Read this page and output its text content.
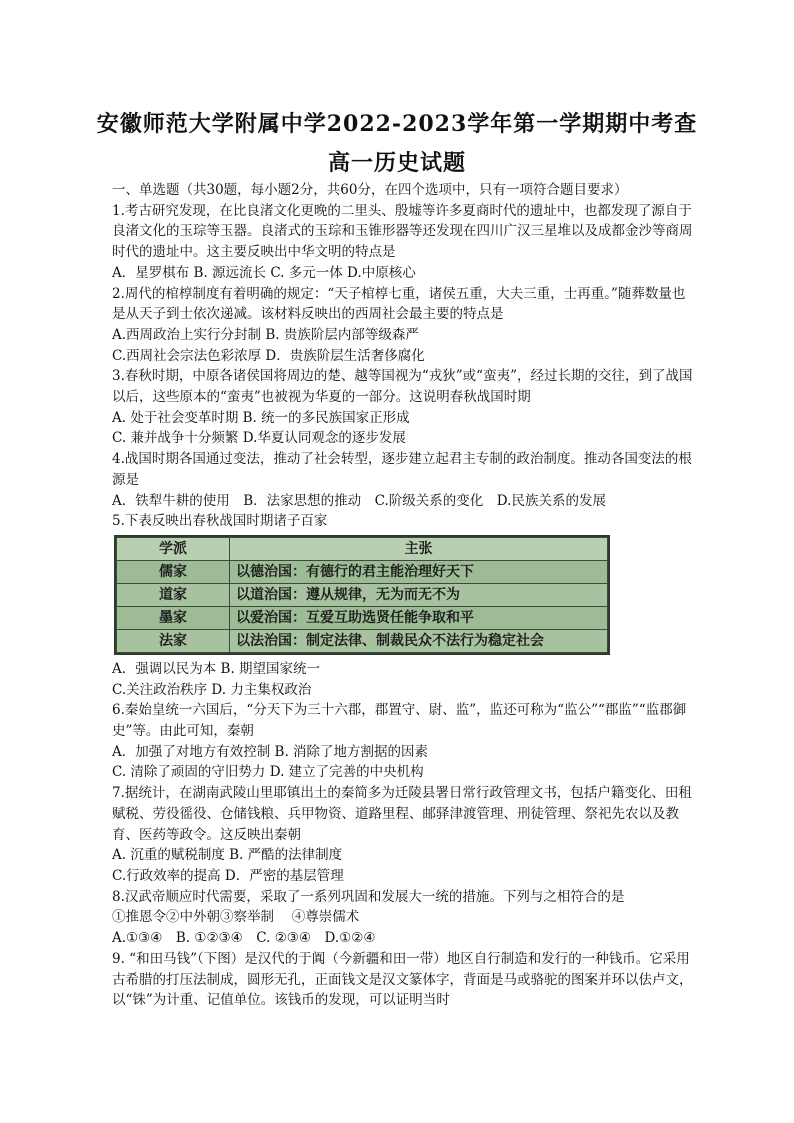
安徽师范大学附属中学2022-2023学年第一学期期中考查
高一历史试题

一、单选题（共30题，每小题2分，共60分，在四个选项中，只有一项符合题目要求）

1.考古研究发现，在比良渚文化更晚的二里头、殷墟等许多夏商时代的遗址中，也都发现了源自于良渚文化的玉琮等玉器。良渚式的玉琮和玉锥形器等还发现在四川广汉三星堆以及成都金沙等商周时代的遗址中。这主要反映出中华文明的特点是

A．星罗棋布 B. 源远流长 C. 多元一体 D.中原核心

2.周代的棺椁制度有着明确的规定：“天子棺椁七重，诸侯五重，大夫三重，士再重。”随葬数量也是从天子到士依次递减。该材料反映出的西周社会最主要的特点是

A.西周政治上实行分封制 B. 贵族阶层内部等级森严

C.西周社会宗法色彩浓厚 D．贵族阶层生活奢侈腐化

3.春秋时期，中原各诸侯国将周边的楚、越等国视为“戎狄”或“蛮夷”，经过长期的交往，到了战国以后，这些原本的“蛮夷”也被视为华夏的一部分。这说明春秋战国时期

A. 处于社会变革时期 B. 统一的多民族国家正形成

C. 兼并战争十分频繁 D.华夏认同观念的逐步发展

4.战国时期各国通过变法，推动了社会转型，逐步建立起君主专制的政治制度。推动各国变法的根源是

A．铁犁牛耕的使用　B．法家思想的推动　C.阶级关系的变化　D.民族关系的发展

5.下表反映出春秋战国时期诸子百家

学派	主张
儒家	以德治国：有德行的君主能治理好天下
道家	以道治国：遵从规律，无为而无不为
墨家	以爱治国：互爱互助选贤任能争取和平
法家	以法治国：制定法律、制裁民众不法行为稳定社会

A．强调以民为本 B. 期望国家统一

C.关注政治秩序 D. 力主集权政治

6.秦始皇统一六国后，“分天下为三十六郡，郡置守、尉、监”，监还可称为“监公”“郡监”“监郡御史”等。由此可知，秦朝

A．加强了对地方有效控制 B. 消除了地方割据的因素

C. 清除了顽固的守旧势力 D. 建立了完善的中央机构

7.据统计，在湖南武陵山里耶镇出土的秦简多为迁陵县署日常行政管理文书，包括户籍变化、田租赋税、劳役徭役、仓储钱粮、兵甲物资、道路里程、邮驿津渡管理、刑徒管理、祭祀先农以及教育、医药等政令。这反映出秦朝

A. 沉重的赋税制度 B. 严酷的法律制度

C.行政效率的提高 D．严密的基层管理

8.汉武帝顺应时代需要，采取了一系列巩固和发展大一统的措施。下列与之相符合的是

①推恩令②中外朝③察举制　 ④尊崇儒术

A.①③④　B. ①②③④　C. ②③④　D.①②④

9. “和田马钱”（下图）是汉代的于阗（今新疆和田一带）地区自行制造和发行的一种钱币。它采用古希腊的打压法制成，圆形无孔，正面钱文是汉文篆体字，背面是马或骆驼的图案并环以佉卢文，以“铢”为计重、记值单位。该钱币的发现，可以证明当时
